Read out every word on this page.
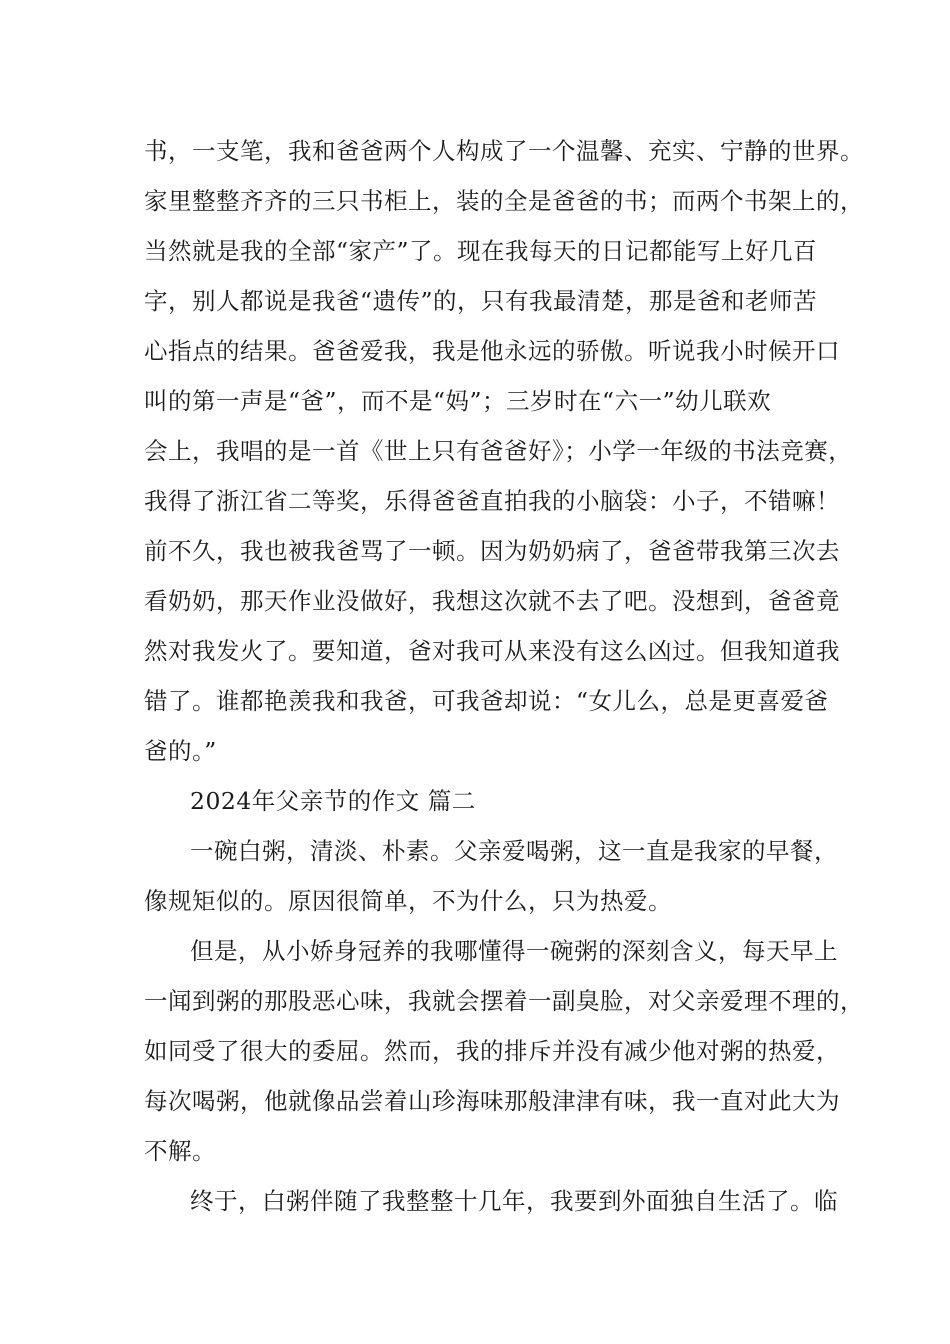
书，一支笔，我和爸爸两个人构成了一个温馨、充实、宁静的世界。
家里整整齐齐的三只书柜上，装的全是爸爸的书；而两个书架上的，
当然就是我的全部“家产”了。现在我每天的日记都能写上好几百
字，别人都说是我爸“遗传”的，只有我最清楚，那是爸和老师苦
心指点的结果。爸爸爱我，我是他永远的骄傲。听说我小时候开口
叫的第一声是“爸”，而不是“妈”；三岁时在“六一”幼儿联欢
会上，我唱的是一首《世上只有爸爸好》；小学一年级的书法竞赛，
我得了浙江省二等奖，乐得爸爸直拍我的小脑袋：小子，不错嘛！
前不久，我也被我爸骂了一顿。因为奶奶病了，爸爸带我第三次去
看奶奶，那天作业没做好，我想这次就不去了吧。没想到，爸爸竟
然对我发火了。要知道，爸对我可从来没有这么凶过。但我知道我
错了。谁都艳羡我和我爸，可我爸却说：“女儿么，总是更喜爱爸
爸的。”
2024年父亲节的作文 篇二
一碗白粥，清淡、朴素。父亲爱喝粥，这一直是我家的早餐，
像规矩似的。原因很简单，不为什么，只为热爱。
但是，从小娇身冠养的我哪懂得一碗粥的深刻含义，每天早上
一闻到粥的那股恶心味，我就会摆着一副臭脸，对父亲爱理不理的，
如同受了很大的委屈。然而，我的排斥并没有减少他对粥的热爱，
每次喝粥，他就像品尝着山珍海味那般津津有味，我一直对此大为
不解。
终于，白粥伴随了我整整十几年，我要到外面独自生活了。临
